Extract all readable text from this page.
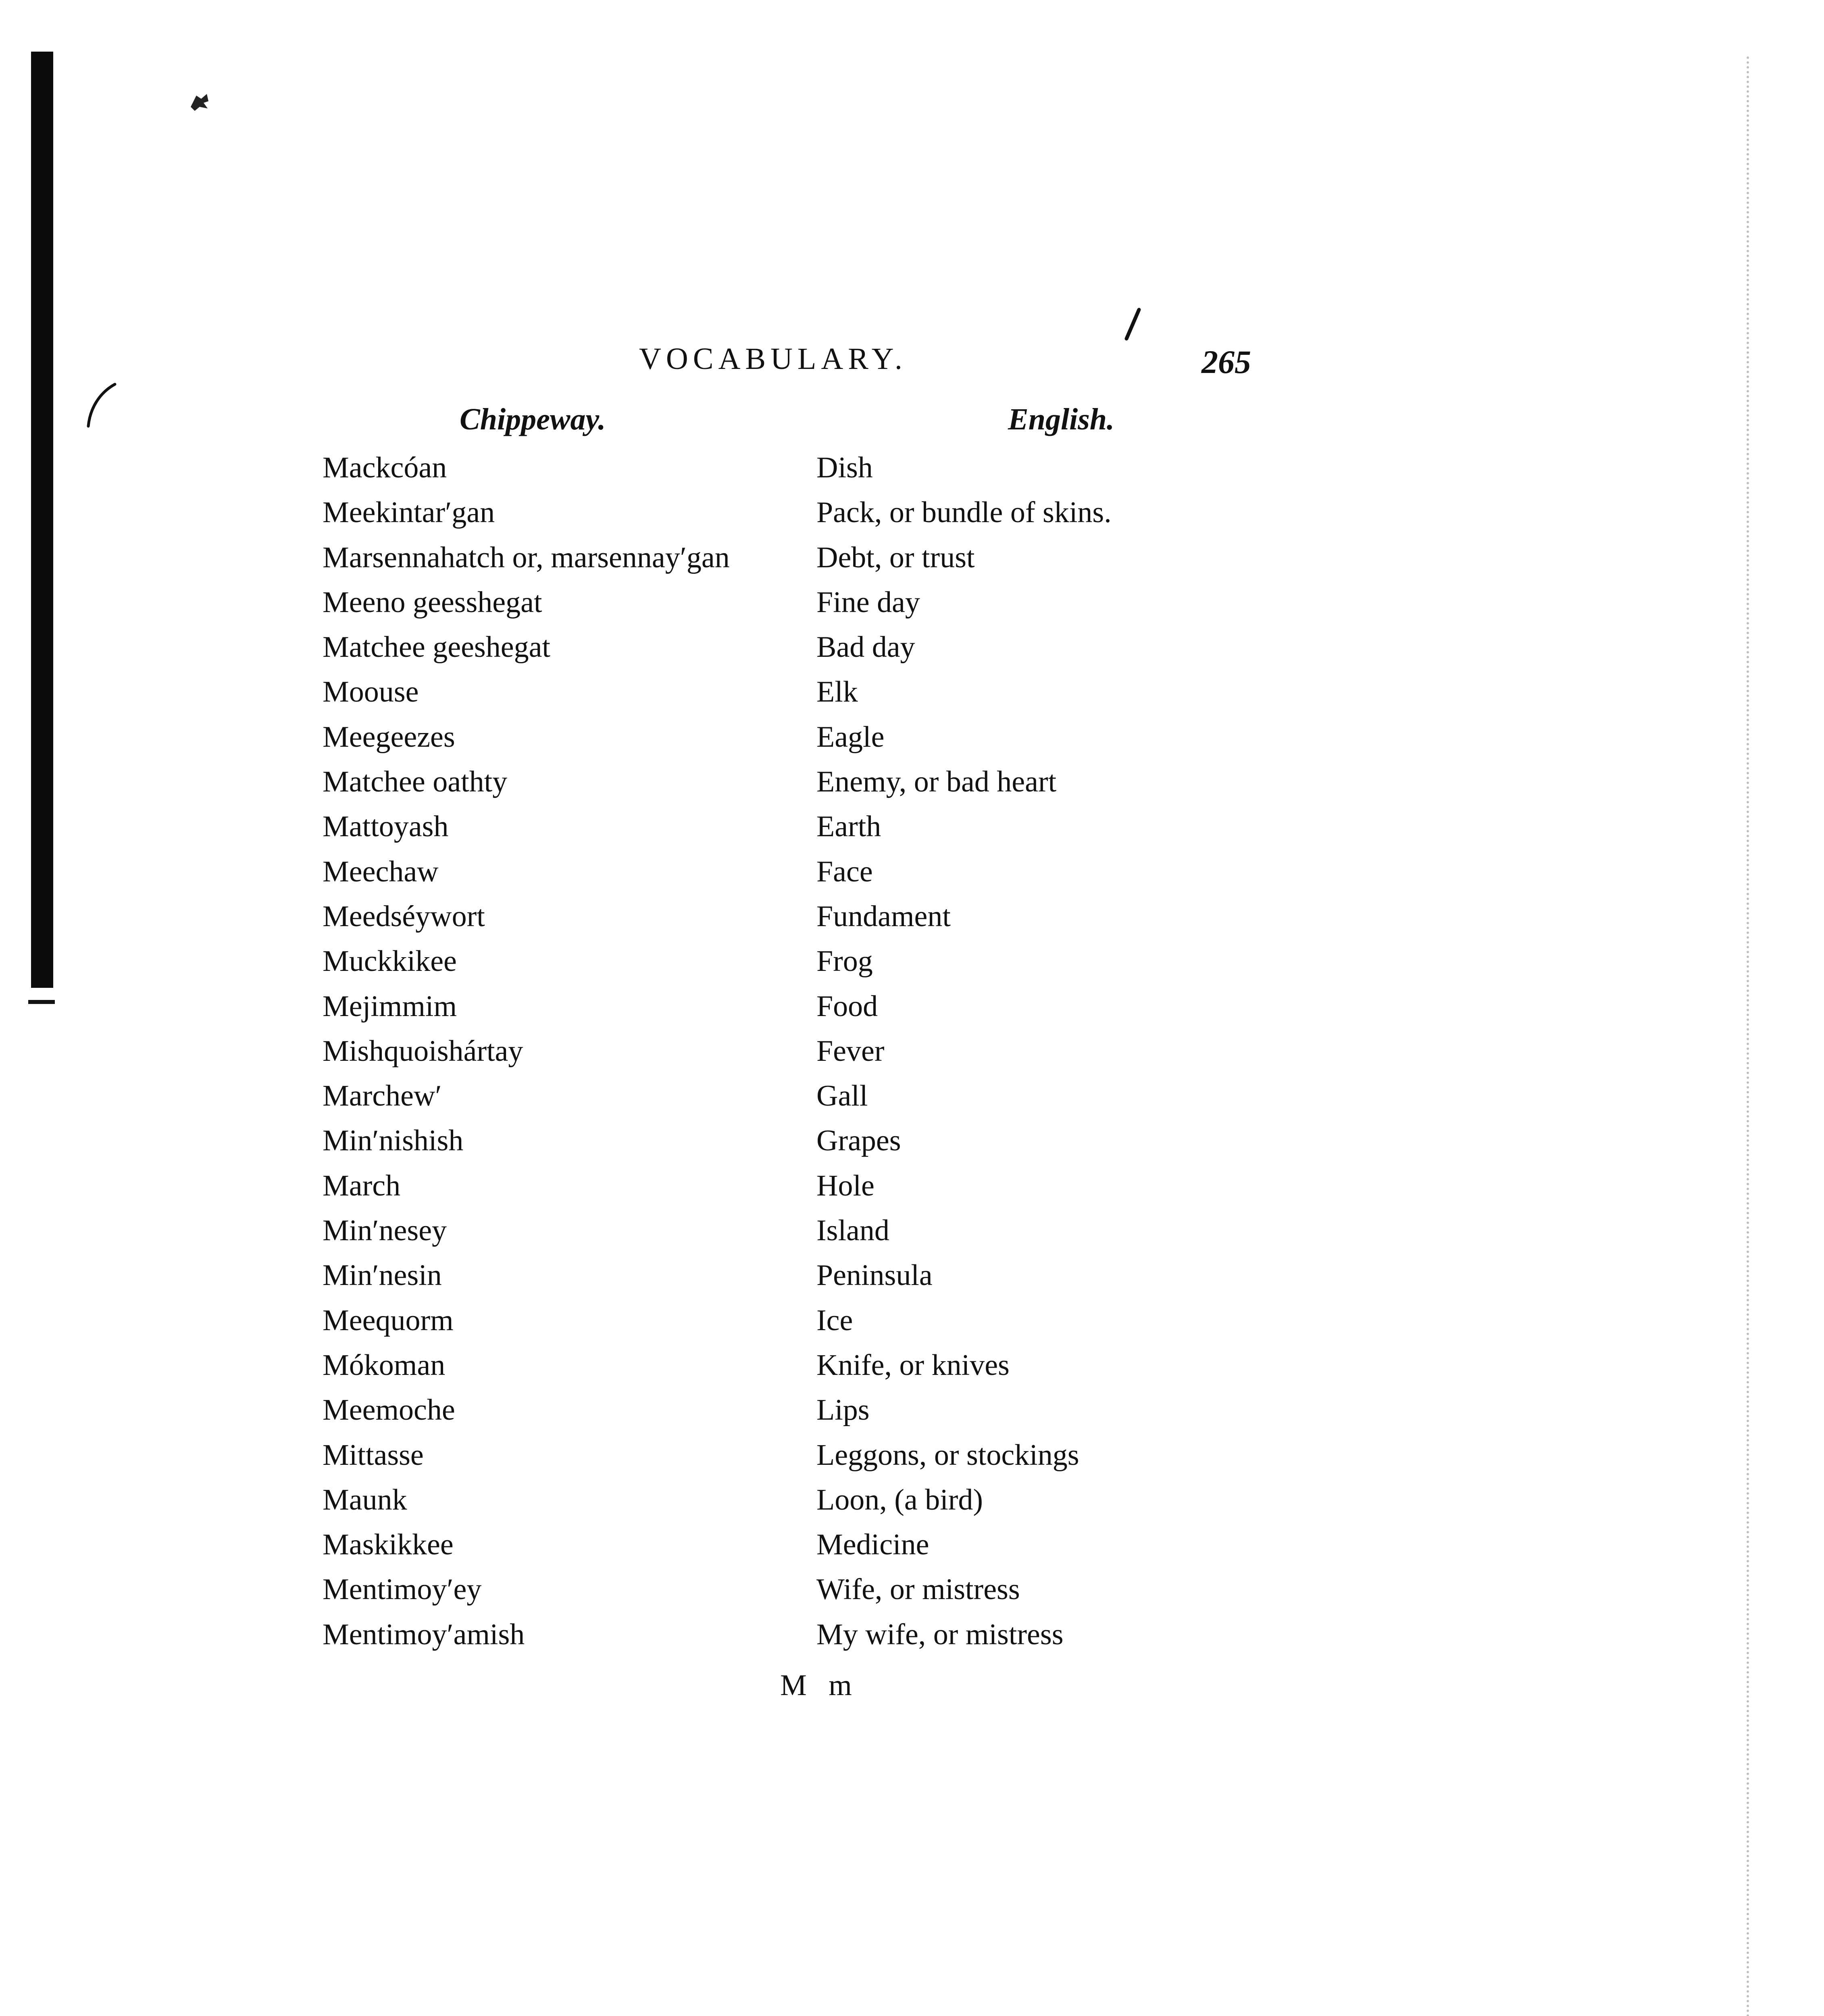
VOCABULARY.	265
Chippeway.	English.
Mackcóan	Dish
Meekintar′gan	Pack, or bundle of skins.
Marsennahatch or, marsennay′gan	Debt, or trust
Meeno geesshegat	Fine day
Matchee geeshegat	Bad day
Moouse	Elk
Meegeezes	Eagle
Matchee oathty	Enemy, or bad heart
Mattoyash	Earth
Meechaw	Face
Meedséywort	Fundament
Muckkikee	Frog
Mejimmim	Food
Mishquoishártay	Fever
Marchew′	Gall
Min′nishish	Grapes
March	Hole
Min′nesey	Island
Min′nesin	Peninsula
Meequorm	Ice
Mókoman	Knife, or knives
Meemoche	Lips
Mittasse	Leggons, or stockings
Maunk	Loon, (a bird)
Maskikkee	Medicine
Mentimoy′ey	Wife, or mistress
Mentimoy′amish	My wife, or mistress
M m
